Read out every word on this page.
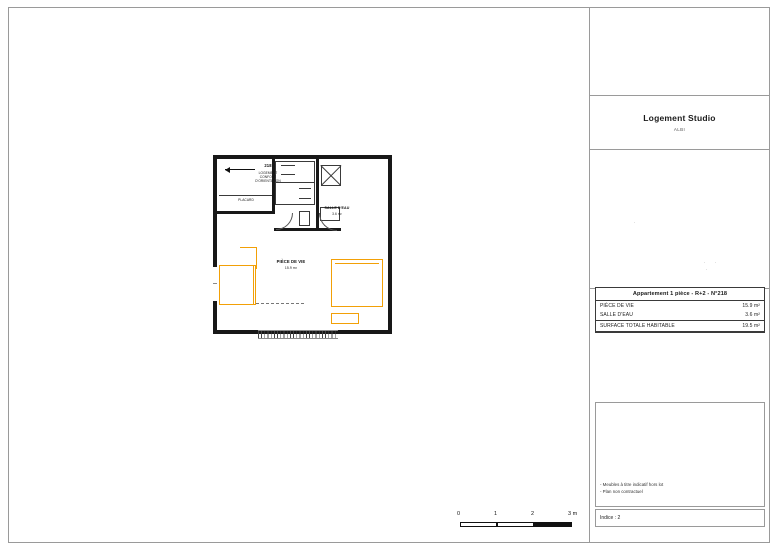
Logement Studio
ALBI
·
· ·
·
Appartement 1 pièce - R+2 - N°218
PIÈCE DE VIE	15.9 m²
SALLE D'EAU	3.6 m²
SURFACE TOTALE HABITABLE	19.5 m²
- Meubles à titre indicatif hors lot
- Plan non contractuel
Indice : 2
0	1	2	3 m
PLACARD
218
LOGEMENT
CONFORT D'ORIENTATION
PIÈCE DE VIE
15.9 m²
SALLE D'EAU
3.6 m²
